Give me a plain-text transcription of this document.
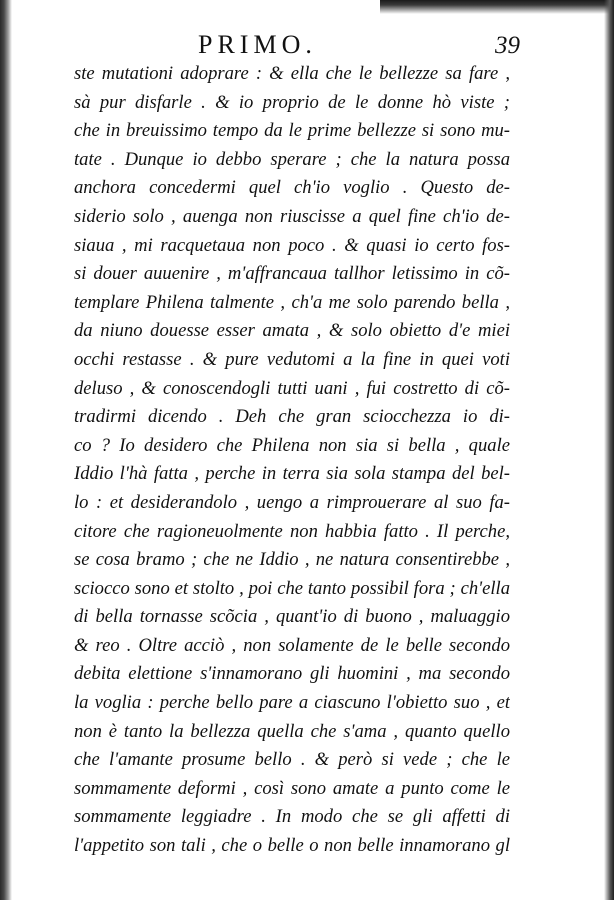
PRIMO.	39
ste mutationi adoprare : & ella che le bellezze sa fare ,
sà pur disfarle . & io proprio de le donne hò viste ;
che in breuissimo tempo da le prime bellezze si sono mu-
tate . Dunque io debbo sperare ; che la natura possa
anchora concedermi quel ch'io voglio . Questo de-
siderio solo , auenga non riuscisse a quel fine ch'io de-
siaua , mi racquetaua non poco . & quasi io certo fos-
si douer auuenire , m'affrancaua tallhor letissimo in cõ-
templare Philena talmente , ch'a me solo parendo bella ,
da niuno douesse esser amata , & solo obietto d'e miei
occhi restasse . & pure vedutomi a la fine in quei voti
deluso , & conoscendogli tutti uani , fui costretto di cõ-
tradirmi dicendo . Deh che gran sciocchezza io di-
co ? Io desidero che Philena non sia si bella , quale
Iddio l'hà fatta , perche in terra sia sola stampa del bel-
lo : et desiderandolo , uengo a rimprouerare al suo fa-
citore che ragioneuolmente non habbia fatto . Il perche,
se cosa bramo ; che ne Iddio , ne natura consentirebbe ,
sciocco sono et stolto , poi che tanto possibil fora ; ch'ella
di bella tornasse scõcia , quant'io di buono , maluaggio
& reo . Oltre acciò , non solamente de le belle secondo
debita elettione s'innamorano gli huomini , ma secondo
la voglia : perche bello pare a ciascuno l'obietto suo , et
non è tanto la bellezza quella che s'ama , quanto quello
che l'amante prosume bello . & però si vede ; che le
sommamente deformi , così sono amate a punto come le
sommamente leggiadre . In modo che se gli affetti di
l'appetito son tali , che o belle o non belle innamorano gl
